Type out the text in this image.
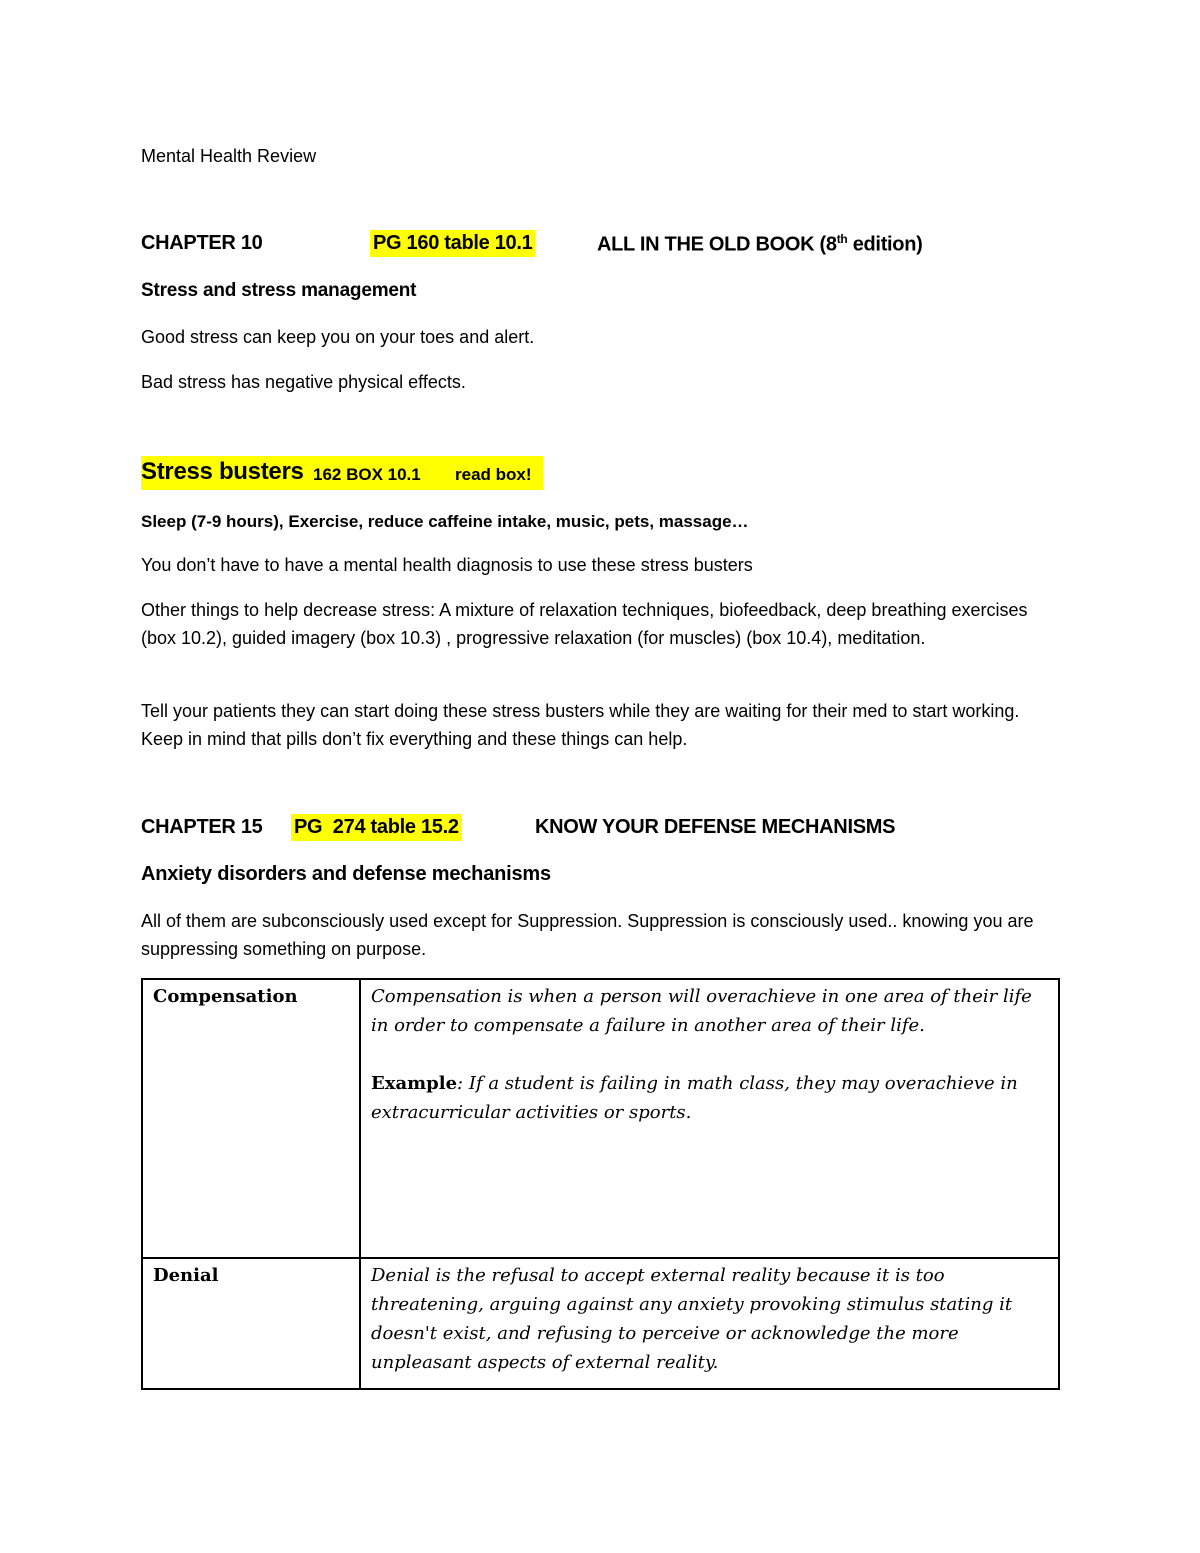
Mental Health Review
CHAPTER 10	PG 160 table 10.1	ALL IN THE OLD BOOK (8th edition)
Stress and stress management
Good stress can keep you on your toes and alert.
Bad stress has negative physical effects.
Stress busters 162 BOX 10.1 read box!
Sleep (7-9 hours), Exercise, reduce caffeine intake, music, pets, massage…
You don’t have to have a mental health diagnosis to use these stress busters
Other things to help decrease stress: A mixture of relaxation techniques, biofeedback, deep breathing exercises (box 10.2), guided imagery (box 10.3) , progressive relaxation (for muscles) (box 10.4), meditation.
Tell your patients they can start doing these stress busters while they are waiting for their med to start working. Keep in mind that pills don’t fix everything and these things can help.
CHAPTER 15 PG  274 table 15.2	KNOW YOUR DEFENSE MECHANISMS
Anxiety disorders and defense mechanisms
All of them are subconsciously used except for Suppression. Suppression is consciously used.. knowing you are suppressing something on purpose.
Compensation	Compensation is when a person will overachieve in one area of their life in order to compensate a failure in another area of their life.

Example: If a student is failing in math class, they may overachieve in extracurricular activities or sports.

Denial	Denial is the refusal to accept external reality because it is too threatening, arguing against any anxiety provoking stimulus stating it doesn't exist, and refusing to perceive or acknowledge the more unpleasant aspects of external reality.
